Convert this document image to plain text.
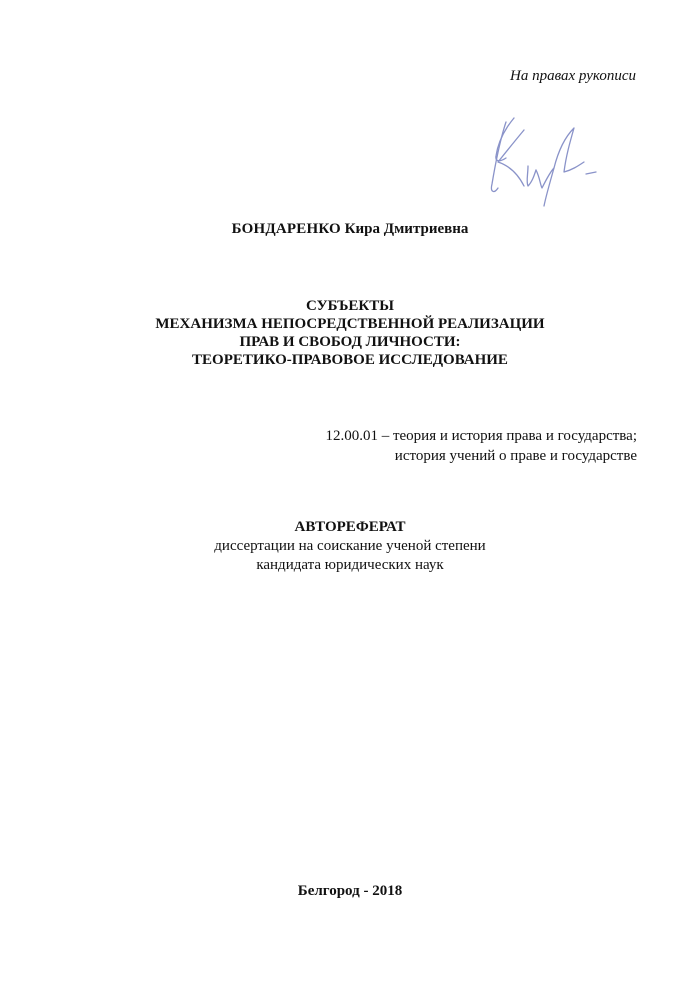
На правах рукописи
БОНДАРЕНКО Кира Дмитриевна
СУБЪЕКТЫ
МЕХАНИЗМА НЕПОСРЕДСТВЕННОЙ РЕАЛИЗАЦИИ
ПРАВ И СВОБОД ЛИЧНОСТИ:
ТЕОРЕТИКО-ПРАВОВОЕ ИССЛЕДОВАНИЕ
12.00.01 – теория и история права и государства;
история учений о праве и государстве
АВТОРЕФЕРАТ
диссертации на соискание ученой степени
кандидата юридических наук
Белгород - 2018
